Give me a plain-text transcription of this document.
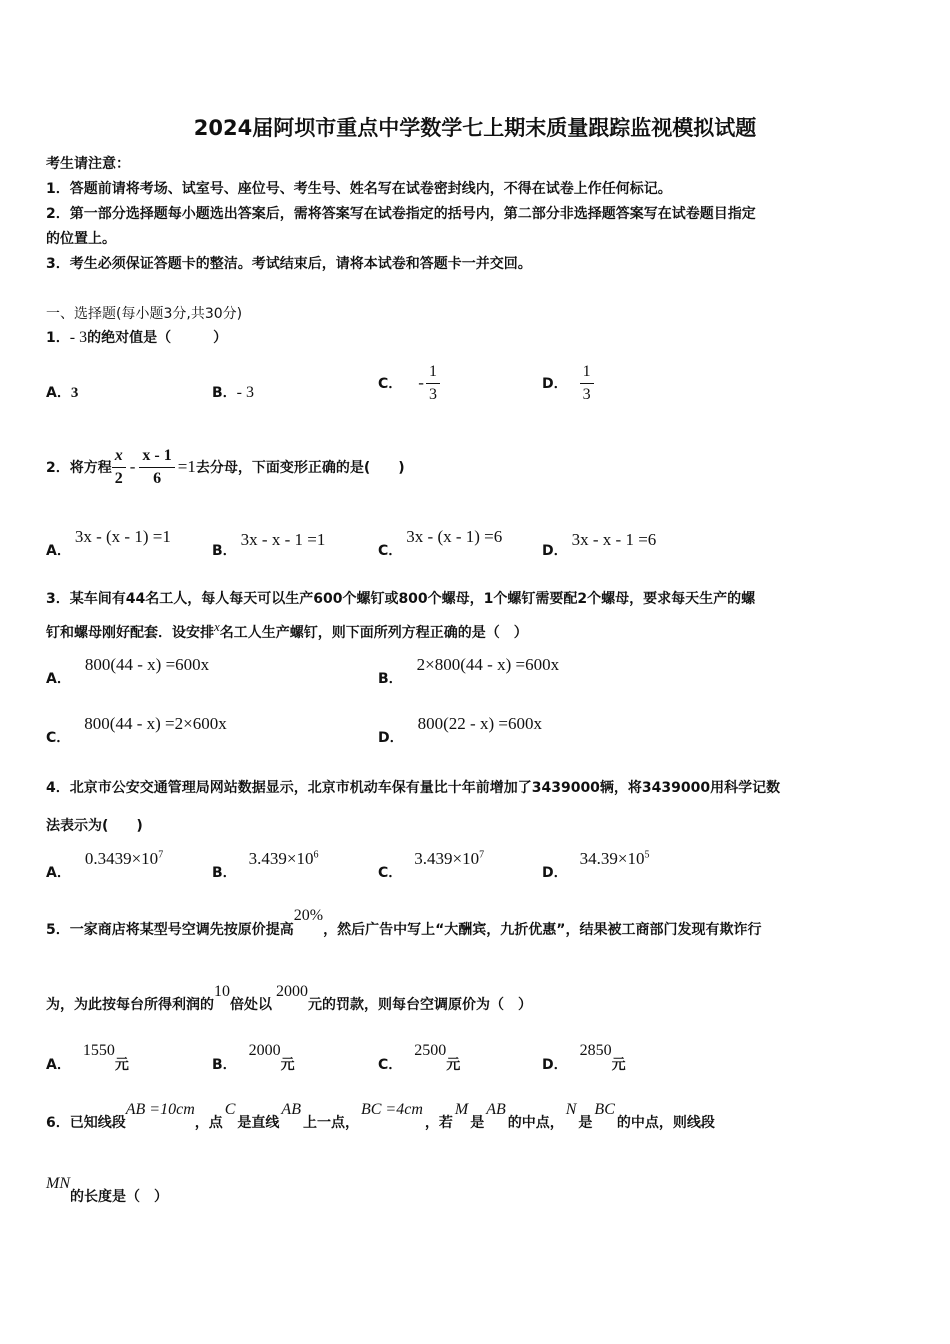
2024届阿坝市重点中学数学七上期末质量跟踪监视模拟试题
考生请注意：
1．答题前请将考场、试室号、座位号、考生号、姓名写在试卷密封线内，不得在试卷上作任何标记。
2．第一部分选择题每小题选出答案后，需将答案写在试卷指定的括号内，第二部分非选择题答案写在试卷题目指定
的位置上。
3．考生必须保证答题卡的整洁。考试结束后，请将本试卷和答题卡一并交回。
一、选择题(每小题3分,共30分)
1．- 3的绝对值是（　　　）
A．3	B．- 3	C． - $\frac{1}{3}$	D． $\frac{1}{3}$
2．将方程 $\frac{x}{2} - \frac{x - 1}{6} =1$ 去分母，下面变形正确的是(　　)
A．3x - (x - 1) =1
B．3x - x - 1 =1
C．3x - (x - 1) =6
D．3x - x - 1 =6
3．某车间有44名工人，每人每天可以生产600个螺钉或800个螺母，1个螺钉需要配2个螺母，要求每天生产的螺
钉和螺母刚好配套．设安排x名工人生产螺钉，则下面所列方程正确的是（　）
A．800(44 - x) =600x
B．2×800(44 - x) =600x
C．800(44 - x) =2×600x
D．800(22 - x) =600x
4．北京市公安交通管理局网站数据显示，北京市机动车保有量比十年前增加了3439000辆，将3439000用科学记数
法表示为(　　)
A．$0.3439\times 10^7$
B．$3.439\times 10^6$
C．$3.439\times 10^7$
D．$34.39\times 10^5$
5．一家商店将某型号空调先按原价提高20%，然后广告中写上“大酬宾，九折优惠”，结果被工商部门发现有欺诈行
为，为此按每台所得利润的10倍处以2000元的罚款，则每台空调原价为（　）
A．1550元	B．2000元	C．2500元	D．2850元
6．已知线段AB =10cm，点C是直线AB上一点，BC =4cm，若M是AB的中点，N是BC的中点，则线段
MN的长度是（　）
